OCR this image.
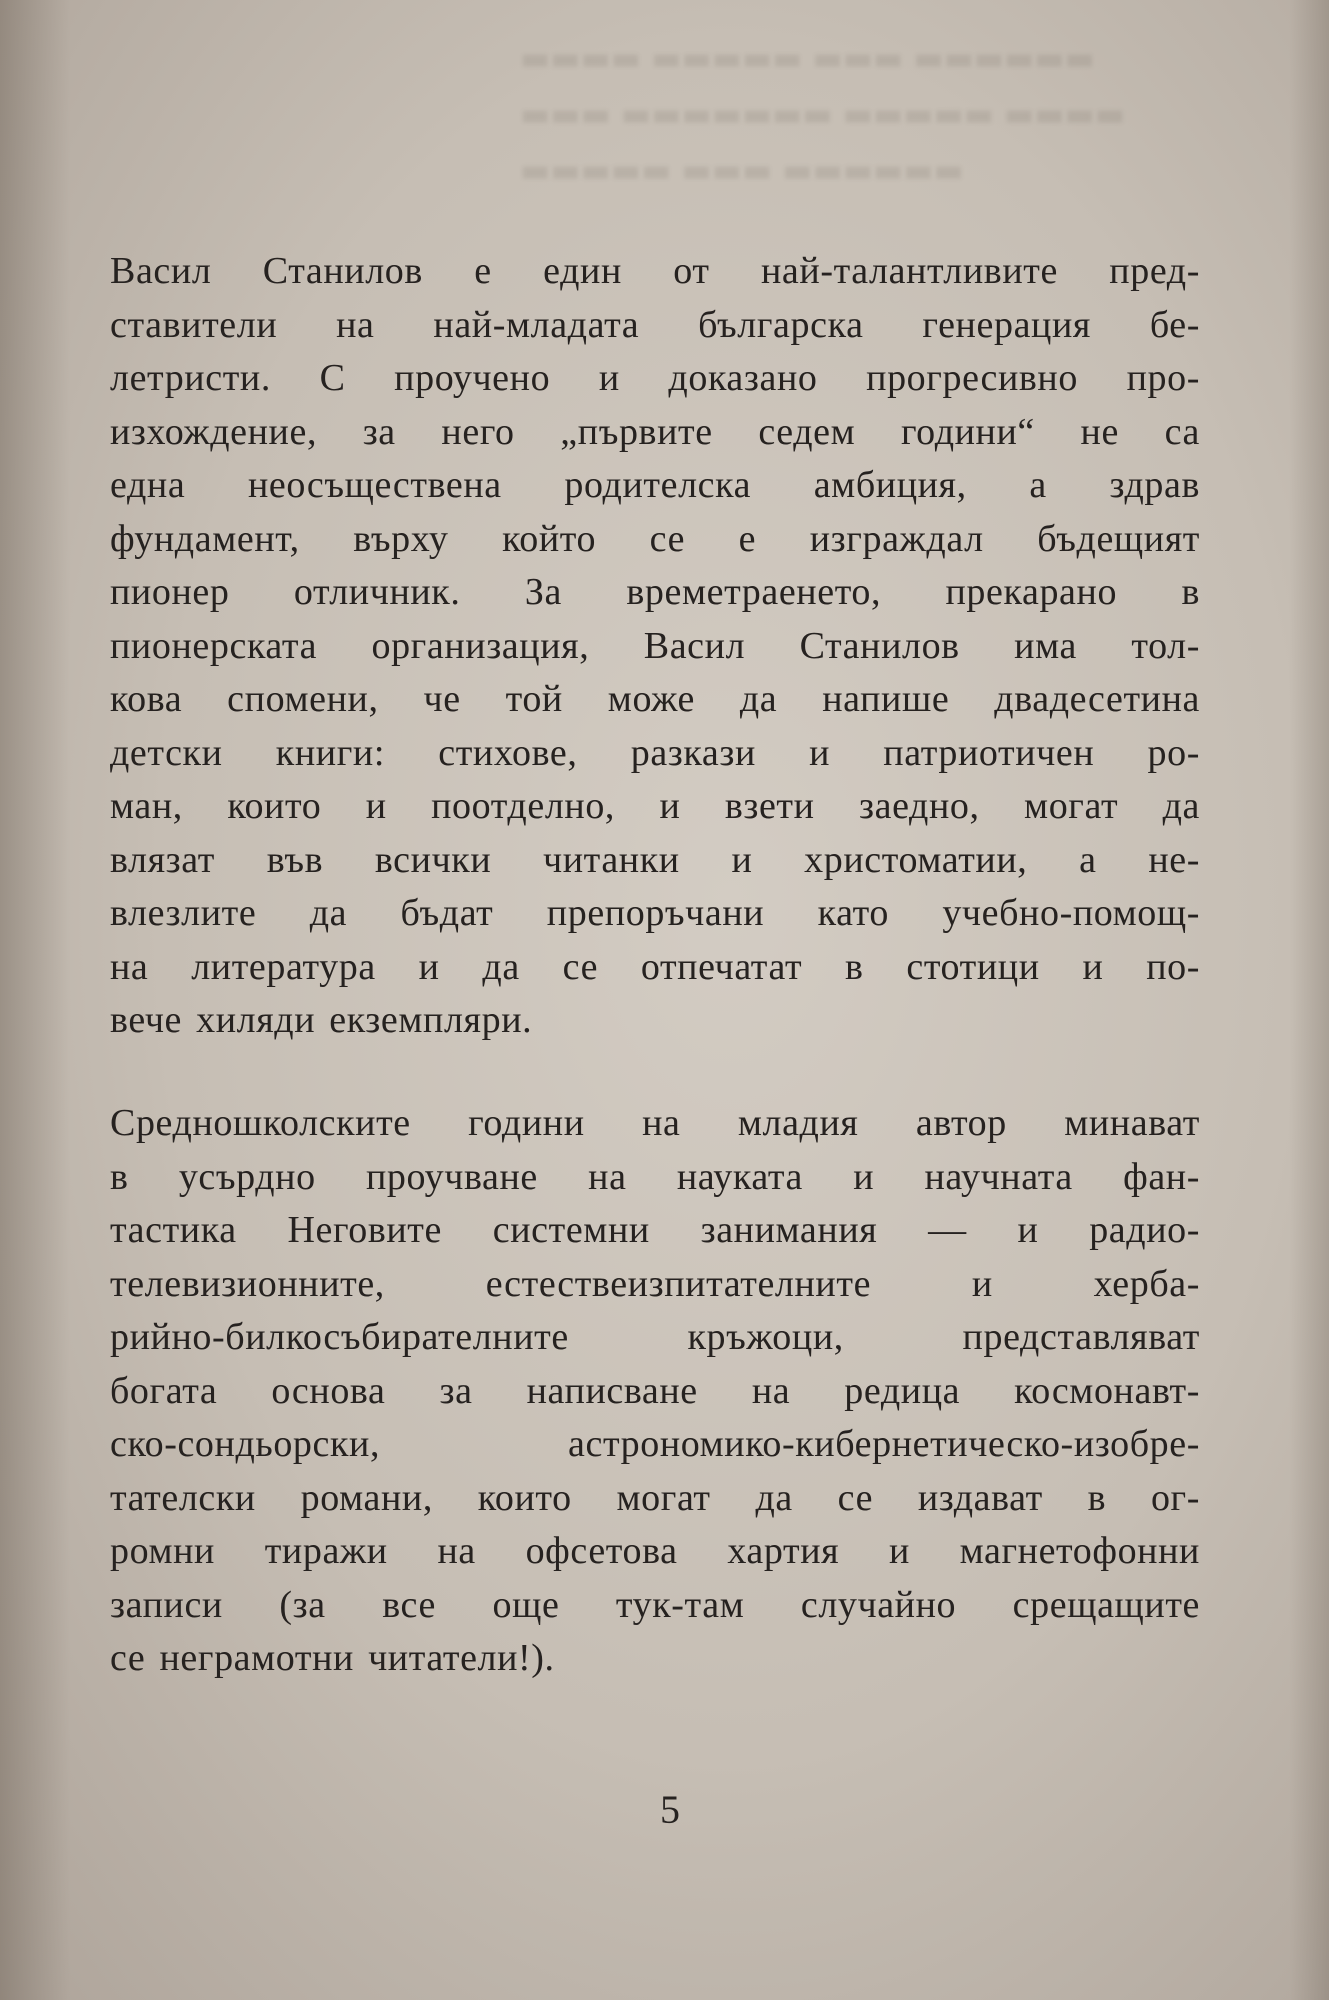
▬▬▬▬ ▬▬▬▬▬ ▬▬▬ ▬▬▬▬▬▬
▬▬▬ ▬▬▬▬▬▬▬ ▬▬▬▬▬ ▬▬▬▬
▬▬▬▬▬ ▬▬▬ ▬▬▬▬▬▬
Васил Станилов е един от най-талантливите пред-
ставители на най-младата българска генерация бе-
летристи. С проучено и доказано прогресивно про-
изхождение, за него „първите седем години“ не са
една неосъществена родителска амбиция, а здрав
фундамент, върху който се е изграждал бъдещият
пионер отличник. За времетраенето, прекарано в
пионерската организация, Васил Станилов има тол-
кова спомени, че той може да напише двадесетина
детски книги: стихове, разкази и патриотичен ро-
ман, които и поотделно, и взети заедно, могат да
влязат във всички читанки и христоматии, а не-
влезлите да бъдат препоръчани като учебно-помощ-
на литература и да се отпечатат в стотици и по-
вече хиляди екземпляри.
Средношколските години на младия автор минават
в усърдно проучване на науката и научната фан-
тастика Неговите системни занимания — и радио-
телевизионните, естествеизпитателните и херба-
рийно-билкосъбирателните кръжоци, представляват
богата основа за написване на редица космонавт-
ско-сондьорски, астрономико-кибернетическо-изобре-
тателски романи, които могат да се издават в ог-
ромни тиражи на офсетова хартия и магнетофонни
записи (за все още тук-там случайно срещащите
се неграмотни читатели!).
5
